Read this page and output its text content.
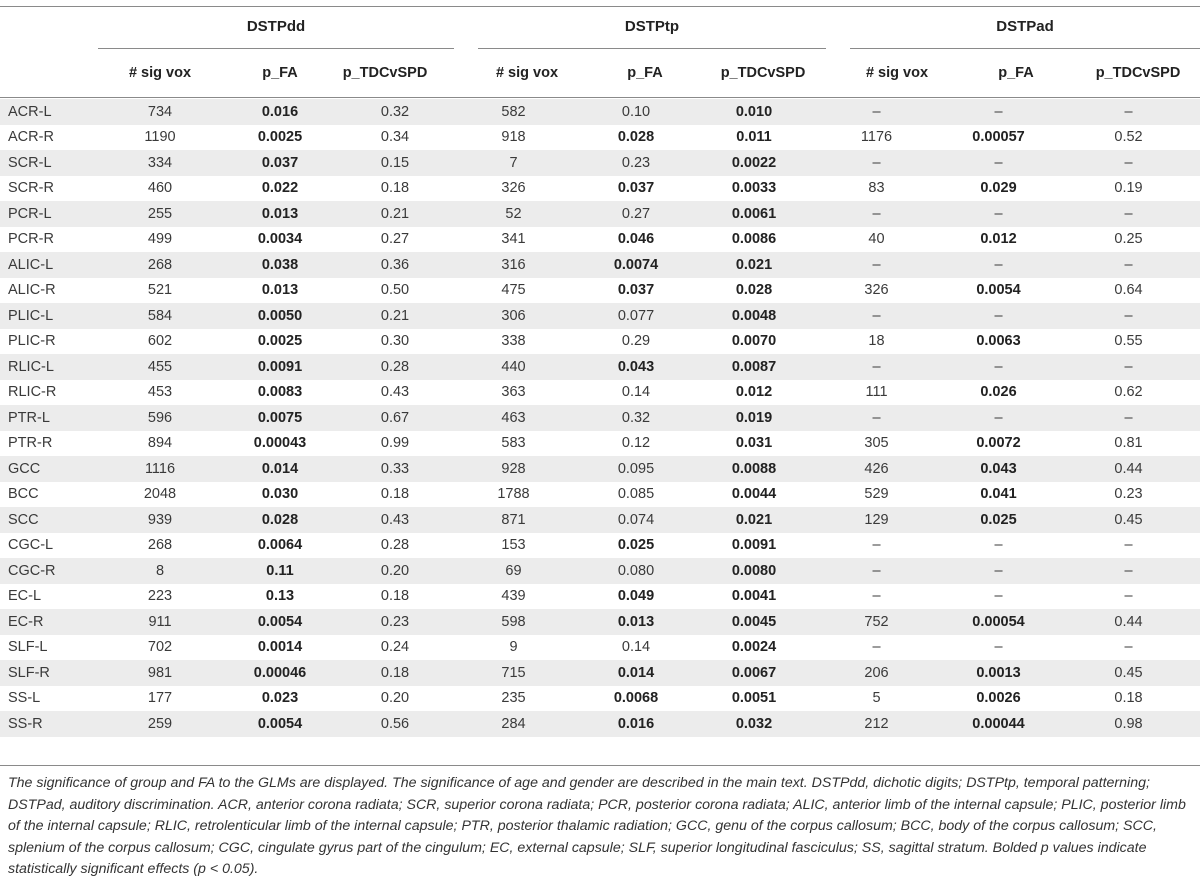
DSTPdd	DSTPtp	DSTPad
# sig vox	p_FA	p_TDCvSPD	# sig vox	p_FA	p_TDCvSPD	# sig vox	p_FA	p_TDCvSPD
ACR-L	734	0.016	0.32	582	0.10	0.010	–	–	–
ACR-R	1190	0.0025	0.34	918	0.028	0.011	1176	0.00057	0.52
SCR-L	334	0.037	0.15	7	0.23	0.0022	–	–	–
SCR-R	460	0.022	0.18	326	0.037	0.0033	83	0.029	0.19
PCR-L	255	0.013	0.21	52	0.27	0.0061	–	–	–
PCR-R	499	0.0034	0.27	341	0.046	0.0086	40	0.012	0.25
ALIC-L	268	0.038	0.36	316	0.0074	0.021	–	–	–
ALIC-R	521	0.013	0.50	475	0.037	0.028	326	0.0054	0.64
PLIC-L	584	0.0050	0.21	306	0.077	0.0048	–	–	–
PLIC-R	602	0.0025	0.30	338	0.29	0.0070	18	0.0063	0.55
RLIC-L	455	0.0091	0.28	440	0.043	0.0087	–	–	–
RLIC-R	453	0.0083	0.43	363	0.14	0.012	111	0.026	0.62
PTR-L	596	0.0075	0.67	463	0.32	0.019	–	–	–
PTR-R	894	0.00043	0.99	583	0.12	0.031	305	0.0072	0.81
GCC	1116	0.014	0.33	928	0.095	0.0088	426	0.043	0.44
BCC	2048	0.030	0.18	1788	0.085	0.0044	529	0.041	0.23
SCC	939	0.028	0.43	871	0.074	0.021	129	0.025	0.45
CGC-L	268	0.0064	0.28	153	0.025	0.0091	–	–	–
CGC-R	8	0.11	0.20	69	0.080	0.0080	–	–	–
EC-L	223	0.13	0.18	439	0.049	0.0041	–	–	–
EC-R	911	0.0054	0.23	598	0.013	0.0045	752	0.00054	0.44
SLF-L	702	0.0014	0.24	9	0.14	0.0024	–	–	–
SLF-R	981	0.00046	0.18	715	0.014	0.0067	206	0.0013	0.45
SS-L	177	0.023	0.20	235	0.0068	0.0051	5	0.0026	0.18
SS-R	259	0.0054	0.56	284	0.016	0.032	212	0.00044	0.98
The significance of group and FA to the GLMs are displayed. The significance of age and gender are described in the main text. DSTPdd, dichotic digits; DSTPtp, temporal patterning; DSTPad, auditory discrimination. ACR, anterior corona radiata; SCR, superior corona radiata; PCR, posterior corona radiata; ALIC, anterior limb of the internal capsule; PLIC, posterior limb of the internal capsule; RLIC, retrolenticular limb of the internal capsule; PTR, posterior thalamic radiation; GCC, genu of the corpus callosum; BCC, body of the corpus callosum; SCC, splenium of the corpus callosum; CGC, cingulate gyrus part of the cingulum; EC, external capsule; SLF, superior longitudinal fasciculus; SS, sagittal stratum. Bolded p values indicate statistically significant effects (p < 0.05).
